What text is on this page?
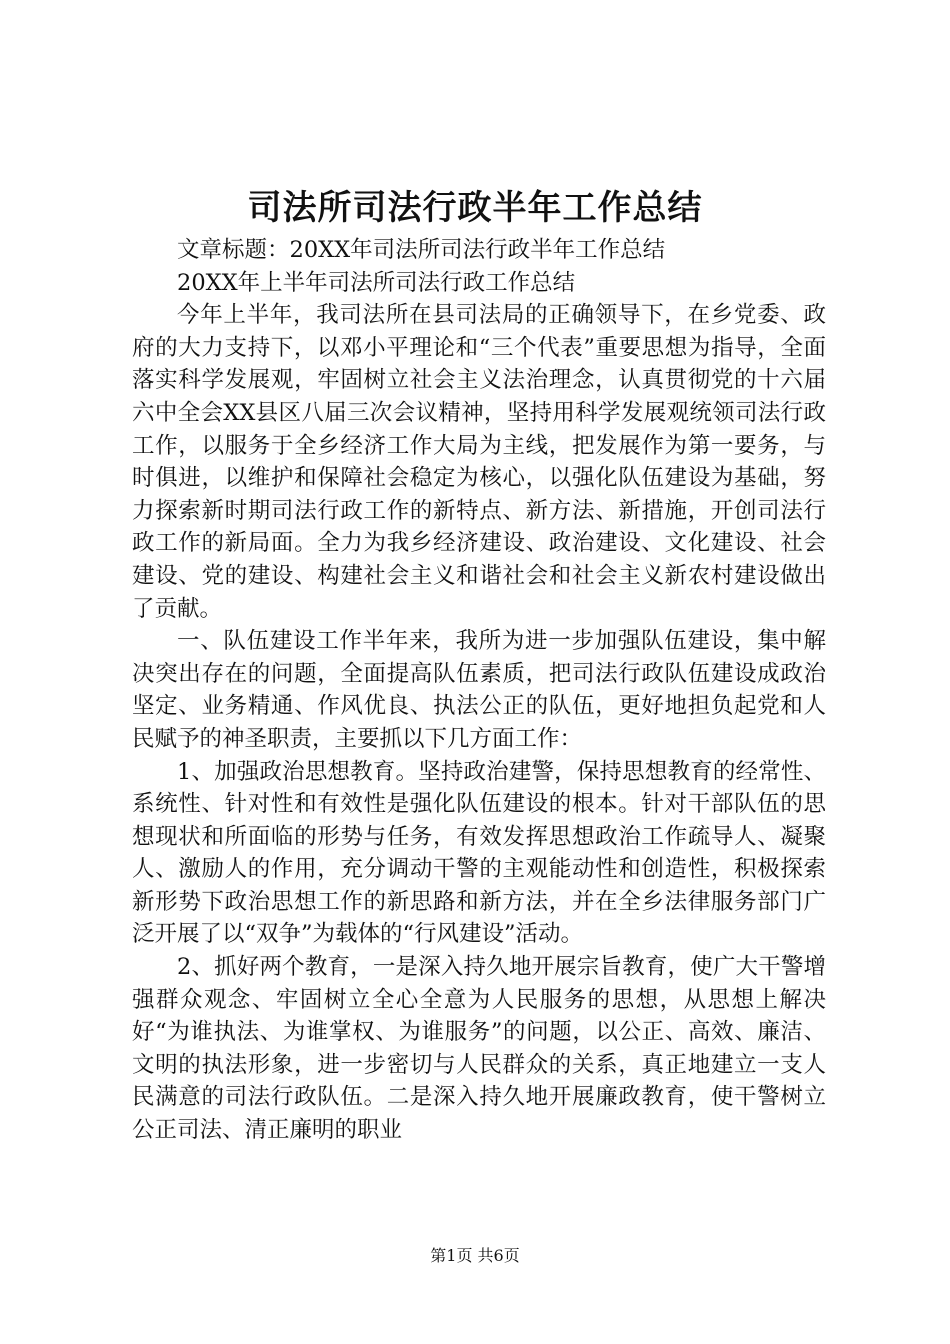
司法所司法行政半年工作总结

文章标题：20XX年司法所司法行政半年工作总结

20XX年上半年司法所司法行政工作总结

今年上半年，我司法所在县司法局的正确领导下，在乡党委、政府的大力支持下，以邓小平理论和“三个代表”重要思想为指导，全面落实科学发展观，牢固树立社会主义法治理念，认真贯彻党的十六届六中全会XX县区八届三次会议精神，坚持用科学发展观统领司法行政工作，以服务于全乡经济工作大局为主线，把发展作为第一要务，与时俱进，以维护和保障社会稳定为核心，以强化队伍建设为基础，努力探索新时期司法行政工作的新特点、新方法、新措施，开创司法行政工作的新局面。全力为我乡经济建设、政治建设、文化建设、社会建设、党的建设、构建社会主义和谐社会和社会主义新农村建设做出了贡献。

一、队伍建设工作半年来，我所为进一步加强队伍建设，集中解决突出存在的问题，全面提高队伍素质，把司法行政队伍建设成政治坚定、业务精通、作风优良、执法公正的队伍，更好地担负起党和人民赋予的神圣职责，主要抓以下几方面工作：

1、加强政治思想教育。坚持政治建警，保持思想教育的经常性、系统性、针对性和有效性是强化队伍建设的根本。针对干部队伍的思想现状和所面临的形势与任务，有效发挥思想政治工作疏导人、凝聚人、激励人的作用，充分调动干警的主观能动性和创造性，积极探索新形势下政治思想工作的新思路和新方法，并在全乡法律服务部门广泛开展了以“双争”为载体的“行风建设”活动。

2、抓好两个教育，一是深入持久地开展宗旨教育，使广大干警增强群众观念、牢固树立全心全意为人民服务的思想，从思想上解决好“为谁执法、为谁掌权、为谁服务”的问题，以公正、高效、廉洁、文明的执法形象，进一步密切与人民群众的关系，真正地建立一支人民满意的司法行政队伍。二是深入持久地开展廉政教育，使干警树立公正司法、清正廉明的职业

第1页 共6页
